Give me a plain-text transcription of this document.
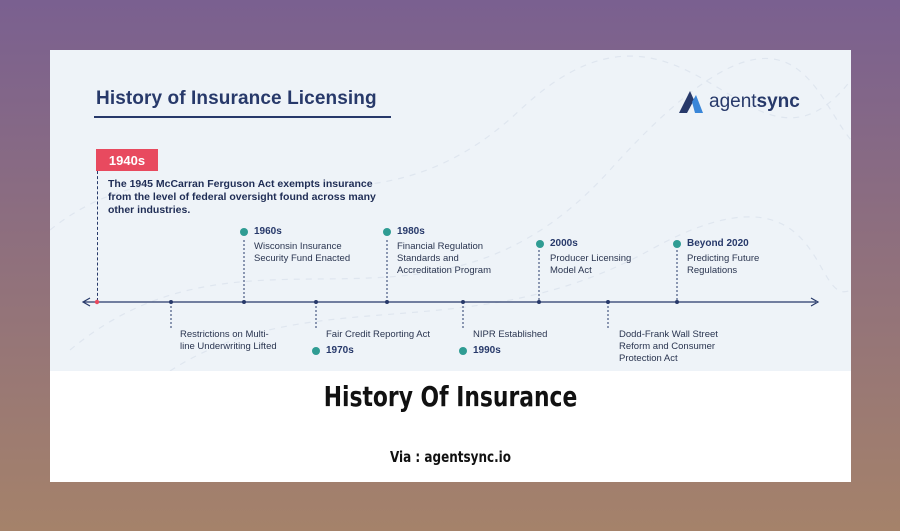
History of Insurance Licensing	agentsync
1940s
The 1945 McCarran Ferguson Act exempts insurance from the level of federal oversight found across many other industries.
1960s
Wisconsin Insurance Security Fund Enacted
1980s
Financial Regulation Standards and Accreditation Program
2000s
Producer Licensing Model Act
Beyond 2020
Predicting Future Regulations
Restrictions on Multi-line Underwriting Lifted
Fair Credit Reporting Act
1970s
NIPR Established
1990s
Dodd-Frank Wall Street Reform and Consumer Protection Act
History Of Insurance
Via : agentsync.io
